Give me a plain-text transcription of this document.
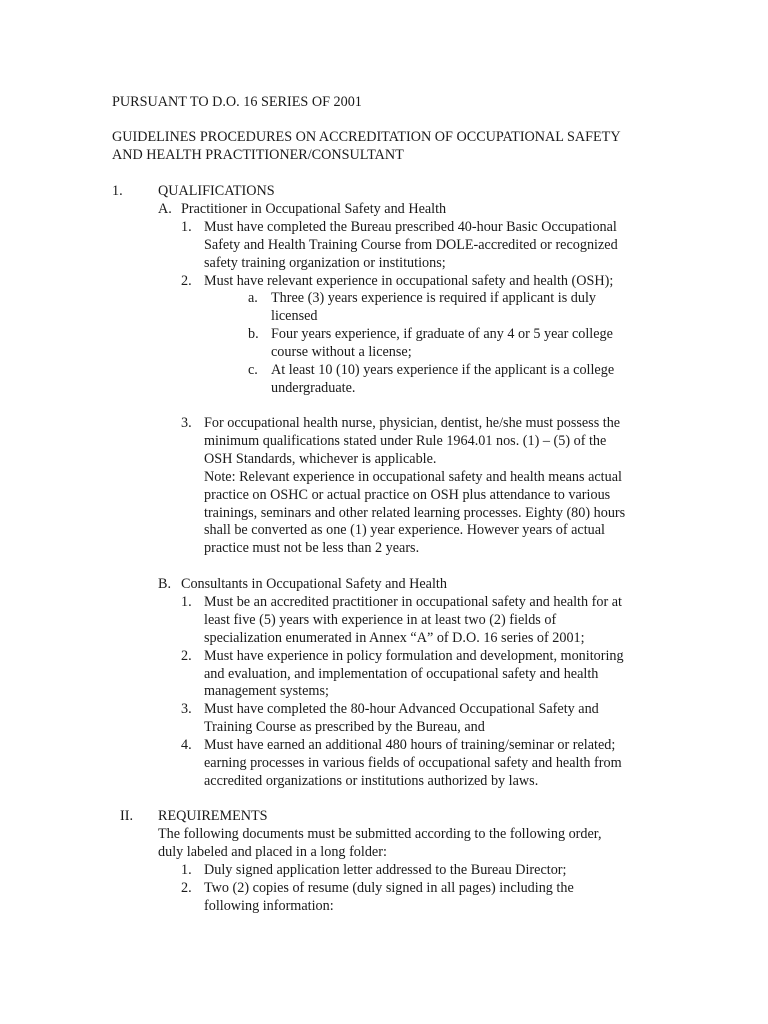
PURSUANT TO D.O. 16 SERIES OF 2001
GUIDELINES PROCEDURES ON ACCREDITATION OF OCCUPATIONAL SAFETY
AND HEALTH PRACTITIONER/CONSULTANT
1. QUALIFICATIONS
A. Practitioner in Occupational Safety and Health
1. Must have completed the Bureau prescribed 40-hour Basic Occupational
Safety and Health Training Course from DOLE-accredited or recognized
safety training organization or institutions;
2. Must have relevant experience in occupational safety and health (OSH);
a. Three (3) years experience is required if applicant is duly
licensed
b. Four years experience, if graduate of any 4 or 5 year college
course without a license;
c. At least 10 (10) years experience if the applicant is a college
undergraduate.
3. For occupational health nurse, physician, dentist, he/she must possess the
minimum qualifications stated under Rule 1964.01 nos. (1) – (5) of the
OSH Standards, whichever is applicable.
Note: Relevant experience in occupational safety and health means actual
practice on OSHC or actual practice on OSH plus attendance to various
trainings, seminars and other related learning processes. Eighty (80) hours
shall be converted as one (1) year experience. However years of actual
practice must not be less than 2 years.
B. Consultants in Occupational Safety and Health
1. Must be an accredited practitioner in occupational safety and health for at
least five (5) years with experience in at least two (2) fields of
specialization enumerated in Annex “A” of D.O. 16 series of 2001;
2. Must have experience in policy formulation and development, monitoring
and evaluation, and implementation of occupational safety and health
management systems;
3. Must have completed the 80-hour Advanced Occupational Safety and
Training Course as prescribed by the Bureau, and
4. Must have earned an additional 480 hours of training/seminar or related;
earning processes in various fields of occupational safety and health from
accredited organizations or institutions authorized by laws.
II. REQUIREMENTS
The following documents must be submitted according to the following order,
duly labeled and placed in a long folder:
1. Duly signed application letter addressed to the Bureau Director;
2. Two (2) copies of resume (duly signed in all pages) including the
following information:
